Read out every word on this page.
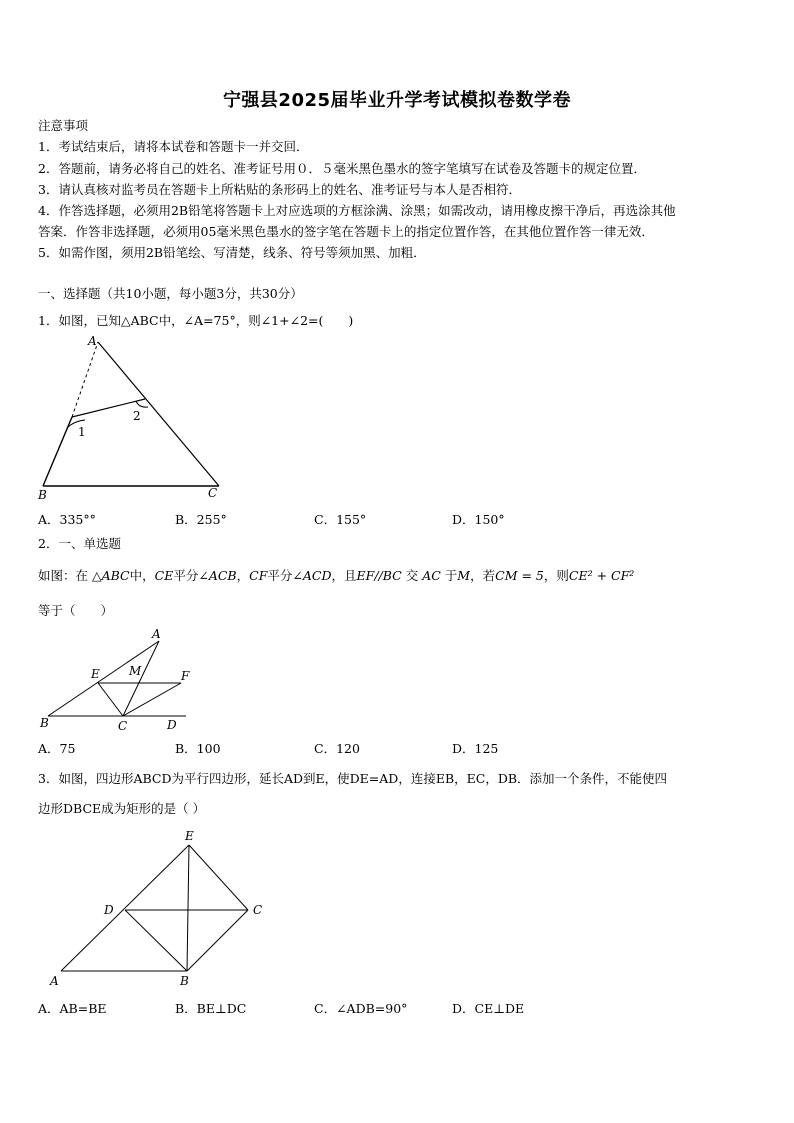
宁强县2025届毕业升学考试模拟卷数学卷
注意事项
1．考试结束后，请将本试卷和答题卡一并交回．
2．答题前，请务必将自己的姓名、准考证号用０．５毫米黑色墨水的签字笔填写在试卷及答题卡的规定位置．
3．请认真核对监考员在答题卡上所粘贴的条形码上的姓名、准考证号与本人是否相符．
4．作答选择题，必须用2B铅笔将答题卡上对应选项的方框涂满、涂黑；如需改动，请用橡皮擦干净后，再选涂其他
答案．作答非选择题，必须用05毫米黑色墨水的签字笔在答题卡上的指定位置作答，在其他位置作答一律无效．
5．如需作图，须用2B铅笔绘、写清楚，线条、符号等须加黑、加粗．
一、选择题（共10小题，每小题3分，共30分）
1．如图，已知△ABC中，∠A=75°，则∠1+∠2=(　　)
A
B	C
1
2
A．335°°	B．255°	C．155°	D．150°
2．一、单选题
如图：在 △ABC中，CE平分∠ACB，CF平分∠ACD，且EF//BC 交 AC 于M，若CM = 5，则CE² + CF²
等于（　　）
A
B	C	D
E	F
M
A．75	B．100	C．120	D．125
3．如图，四边形ABCD为平行四边形，延长AD到E，使DE=AD，连接EB，EC，DB．添加一个条件，不能使四
边形DBCE成为矩形的是（ ）
A	B
C
D
E
A．AB=BE	B．BE⊥DC	C．∠ADB=90°	D．CE⊥DE
